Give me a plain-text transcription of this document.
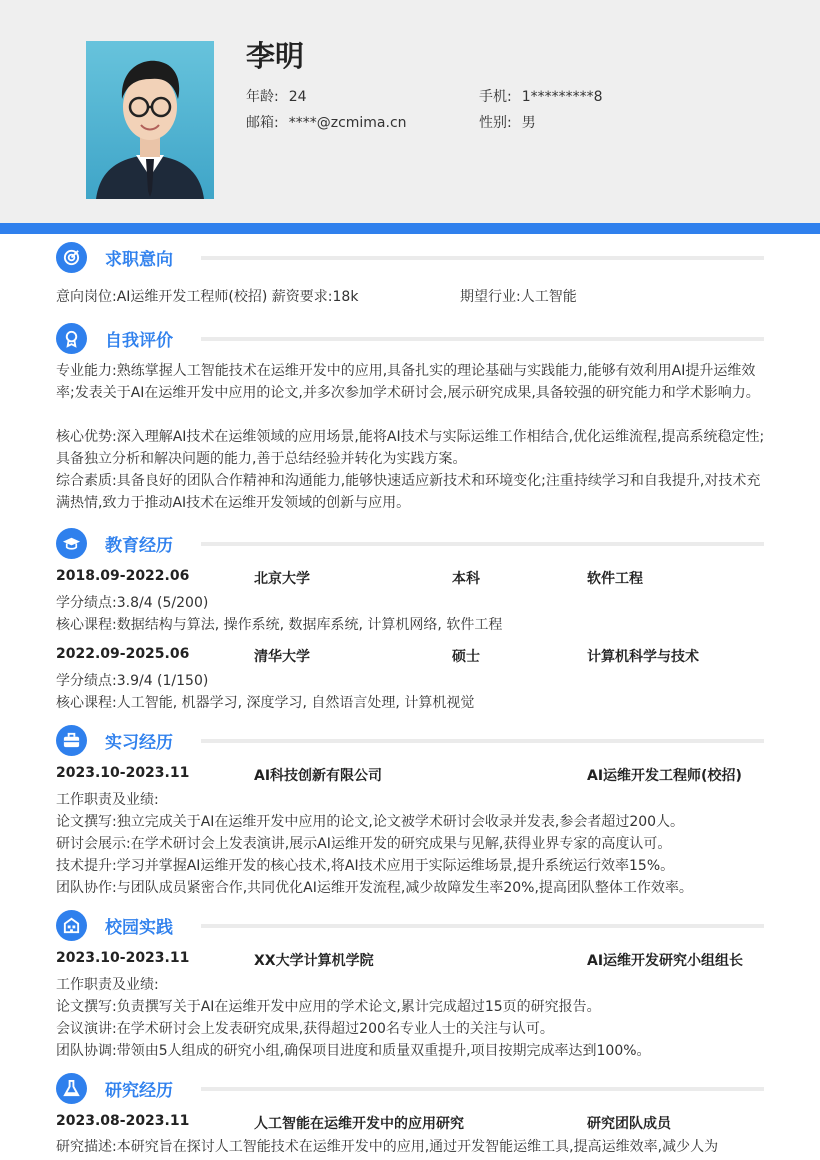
李明
年龄: 24	手机: 1*********8
邮箱: ****@zcmima.cn	性别: 男
求职意向
意向岗位:AI运维开发工程师(校招) 薪资要求:18k	期望行业:人工智能
自我评价
专业能力:熟练掌握人工智能技术在运维开发中的应用,具备扎实的理论基础与实践能力,能够有效利用AI提升运维效率;发表关于AI在运维开发中应用的论文,并多次参加学术研讨会,展示研究成果,具备较强的研究能力和学术影响力。
核心优势:深入理解AI技术在运维领域的应用场景,能将AI技术与实际运维工作相结合,优化运维流程,提高系统稳定性;具备独立分析和解决问题的能力,善于总结经验并转化为实践方案。
综合素质:具备良好的团队合作精神和沟通能力,能够快速适应新技术和环境变化;注重持续学习和自我提升,对技术充满热情,致力于推动AI技术在运维开发领域的创新与应用。
教育经历
2018.09-2022.06	北京大学	本科	软件工程
学分绩点:3.8/4 (5/200)
核心课程:数据结构与算法, 操作系统, 数据库系统, 计算机网络, 软件工程
2022.09-2025.06	清华大学	硕士	计算机科学与技术
学分绩点:3.9/4 (1/150)
核心课程:人工智能, 机器学习, 深度学习, 自然语言处理, 计算机视觉
实习经历
2023.10-2023.11	AI科技创新有限公司	AI运维开发工程师(校招)
工作职责及业绩:
论文撰写:独立完成关于AI在运维开发中应用的论文,论文被学术研讨会收录并发表,参会者超过200人。
研讨会展示:在学术研讨会上发表演讲,展示AI运维开发的研究成果与见解,获得业界专家的高度认可。
技术提升:学习并掌握AI运维开发的核心技术,将AI技术应用于实际运维场景,提升系统运行效率15%。
团队协作:与团队成员紧密合作,共同优化AI运维开发流程,减少故障发生率20%,提高团队整体工作效率。
校园实践
2023.10-2023.11	XX大学计算机学院	AI运维开发研究小组组长
工作职责及业绩:
论文撰写:负责撰写关于AI在运维开发中应用的学术论文,累计完成超过15页的研究报告。
会议演讲:在学术研讨会上发表研究成果,获得超过200名专业人士的关注与认可。
团队协调:带领由5人组成的研究小组,确保项目进度和质量双重提升,项目按期完成率达到100%。
研究经历
2023.08-2023.11	人工智能在运维开发中的应用研究	研究团队成员
研究描述:本研究旨在探讨人工智能技术在运维开发中的应用,通过开发智能运维工具,提高运维效率,减少人为
